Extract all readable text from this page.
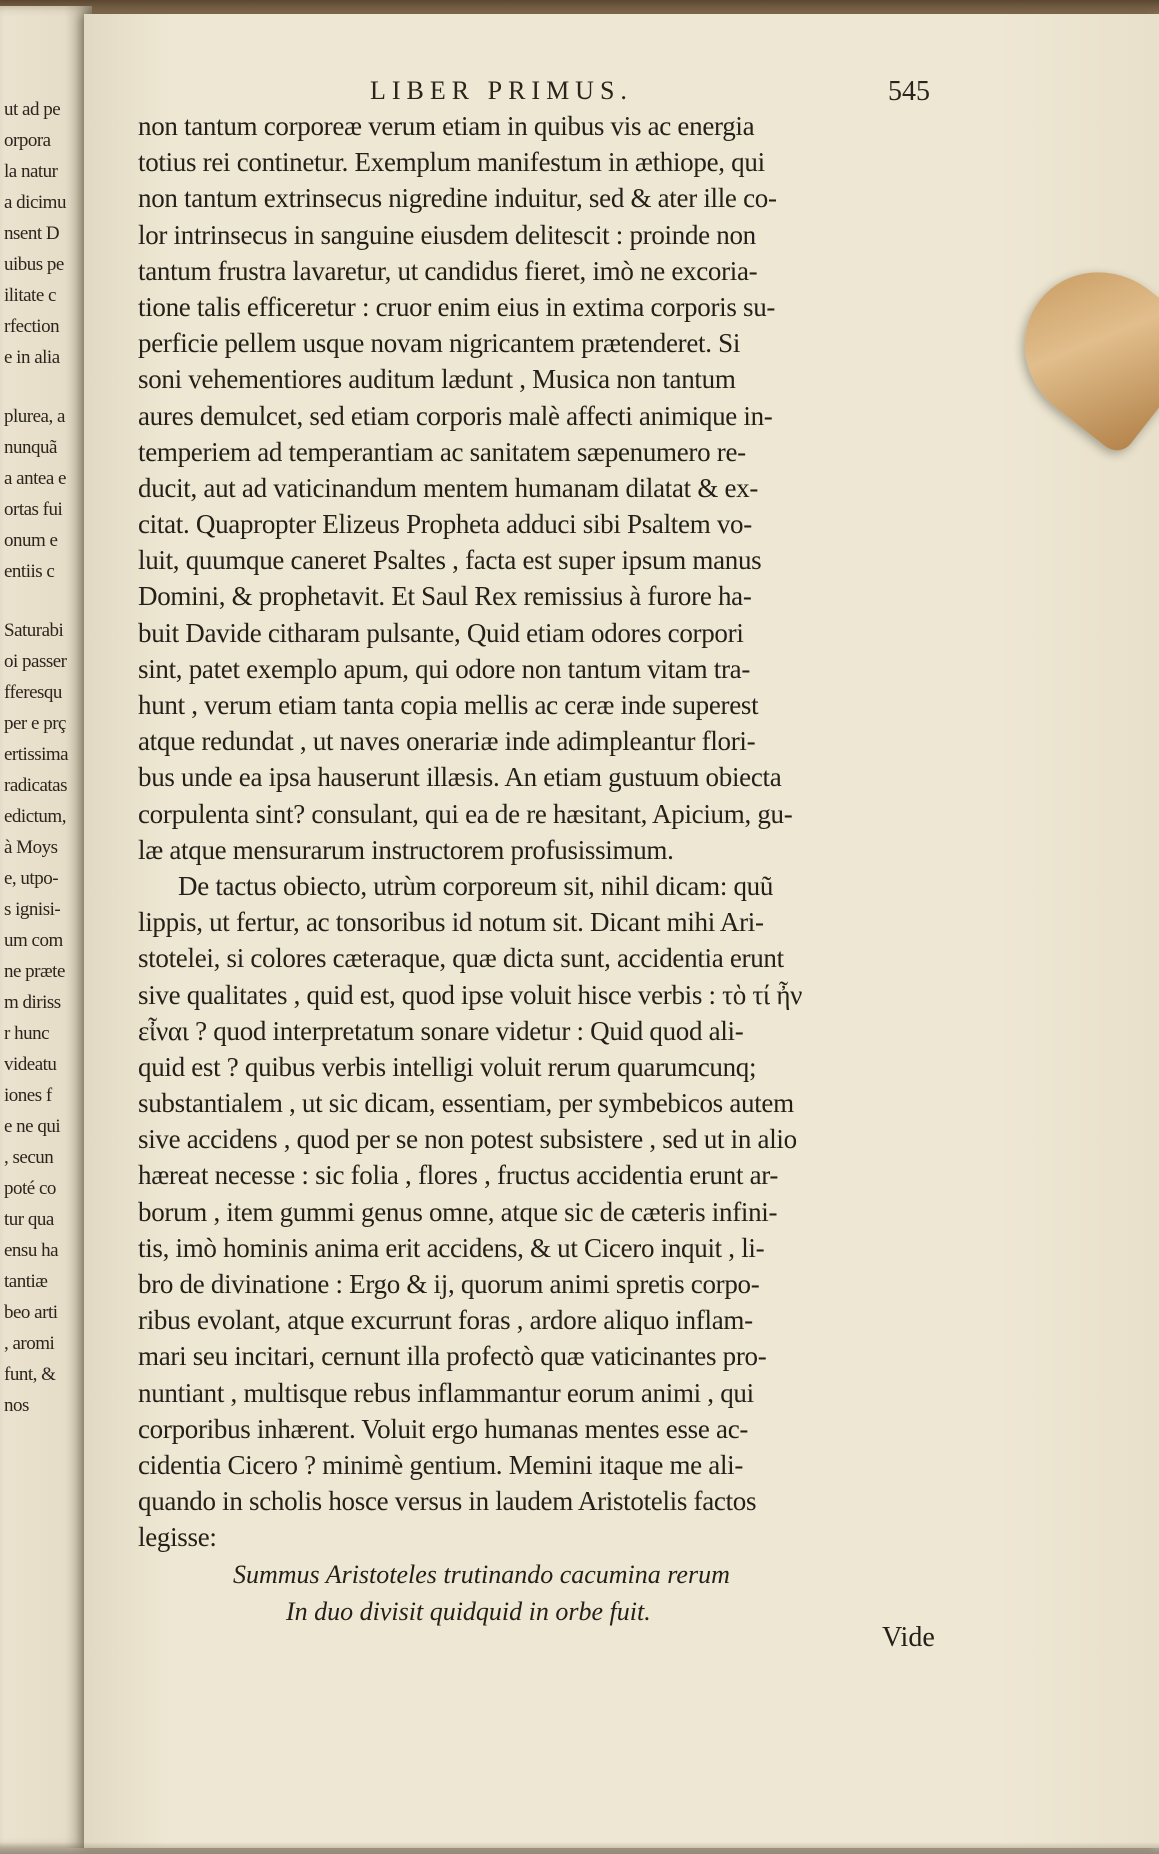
ut ad pe
orpora
la natur
a dicimu
nsent D
uibus pe
ilitate c
rfection
e in alia
plurea, a
nunquã
a antea e
ortas fui
onum e
entiis c
Saturabi
oi passer
fferesqu
per e prç
ertissima
radicatas
edictum,
à Moys
e, utpo-
s ignisi-
um com
ne præte
m diriss
r hunc
videatu
iones f
e ne qui
, secun
poté co
tur qua
ensu ha
tantiæ
beo arti
, aromi
funt, &
nos
LIBER PRIMUS.	545
non tantum corporeæ verum etiam in quibus vis ac energia
totius rei continetur. Exemplum manifestum in æthiope, qui
non tantum extrinsecus nigredine induitur, sed & ater ille co-
lor intrinsecus in sanguine eiusdem delitescit : proinde non
tantum frustra lavaretur, ut candidus fieret, imò ne excoria-
tione talis efficeretur : cruor enim eius in extima corporis su-
perficie pellem usque novam nigricantem prætenderet. Si
soni vehementiores auditum lædunt , Musica non tantum
aures demulcet, sed etiam corporis malè affecti animique in-
temperiem ad temperantiam ac sanitatem sæpenumero re-
ducit, aut ad vaticinandum mentem humanam dilatat & ex-
citat. Quapropter Elizeus Propheta adduci sibi Psaltem vo-
luit, quumque caneret Psaltes , facta est super ipsum manus
Domini, & prophetavit. Et Saul Rex remissius à furore ha-
buit Davide citharam pulsante, Quid etiam odores corpori
sint, patet exemplo apum, qui odore non tantum vitam tra-
hunt , verum etiam tanta copia mellis ac ceræ inde superest
atque redundat , ut naves onerariæ inde adimpleantur flori-
bus unde ea ipsa hauserunt illæsis. An etiam gustuum obiecta
corpulenta sint? consulant, qui ea de re hæsitant, Apicium, gu-
læ atque mensurarum instructorem profusissimum.
De tactus obiecto, utrùm corporeum sit, nihil dicam: quũ
lippis, ut fertur, ac tonsoribus id notum sit. Dicant mihi Ari-
stotelei, si colores cæteraque, quæ dicta sunt, accidentia erunt
sive qualitates , quid est, quod ipse voluit hisce verbis : τὸ τί ἦν
εἶναι ? quod interpretatum sonare videtur : Quid quod ali-
quid est ? quibus verbis intelligi voluit rerum quarumcunq;
substantialem , ut sic dicam, essentiam, per symbebicos autem
sive accidens , quod per se non potest subsistere , sed ut in alio
hæreat necesse : sic folia , flores , fructus accidentia erunt ar-
borum , item gummi genus omne, atque sic de cæteris infini-
tis, imò hominis anima erit accidens, & ut Cicero inquit , li-
bro de divinatione : Ergo & ij, quorum animi spretis corpo-
ribus evolant, atque excurrunt foras , ardore aliquo inflam-
mari seu incitari, cernunt illa profectò quæ vaticinantes pro-
nuntiant , multisque rebus inflammantur eorum animi , qui
corporibus inhærent. Voluit ergo humanas mentes esse ac-
cidentia Cicero ? minimè gentium. Memini itaque me ali-
quando in scholis hosce versus in laudem Aristotelis factos
legisse:
Summus Aristoteles trutinando cacumina rerum
In duo divisit quidquid in orbe fuit.
Vide
